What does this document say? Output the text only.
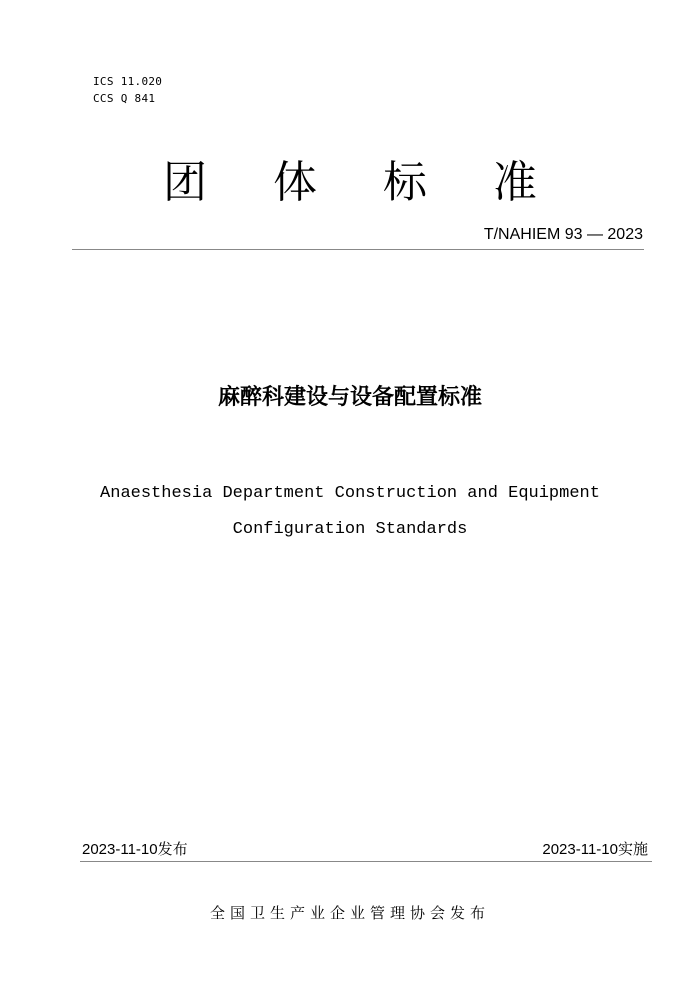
ICS 11.020
CCS Q 841
团	体	标	准
T/NAHIEM 93 — 2023
麻醉科建设与设备配置标准
Anaesthesia Department Construction and Equipment
Configuration Standards
2023-11-10发布	2023-11-10实施
全国卫生产业企业管理协会发布
